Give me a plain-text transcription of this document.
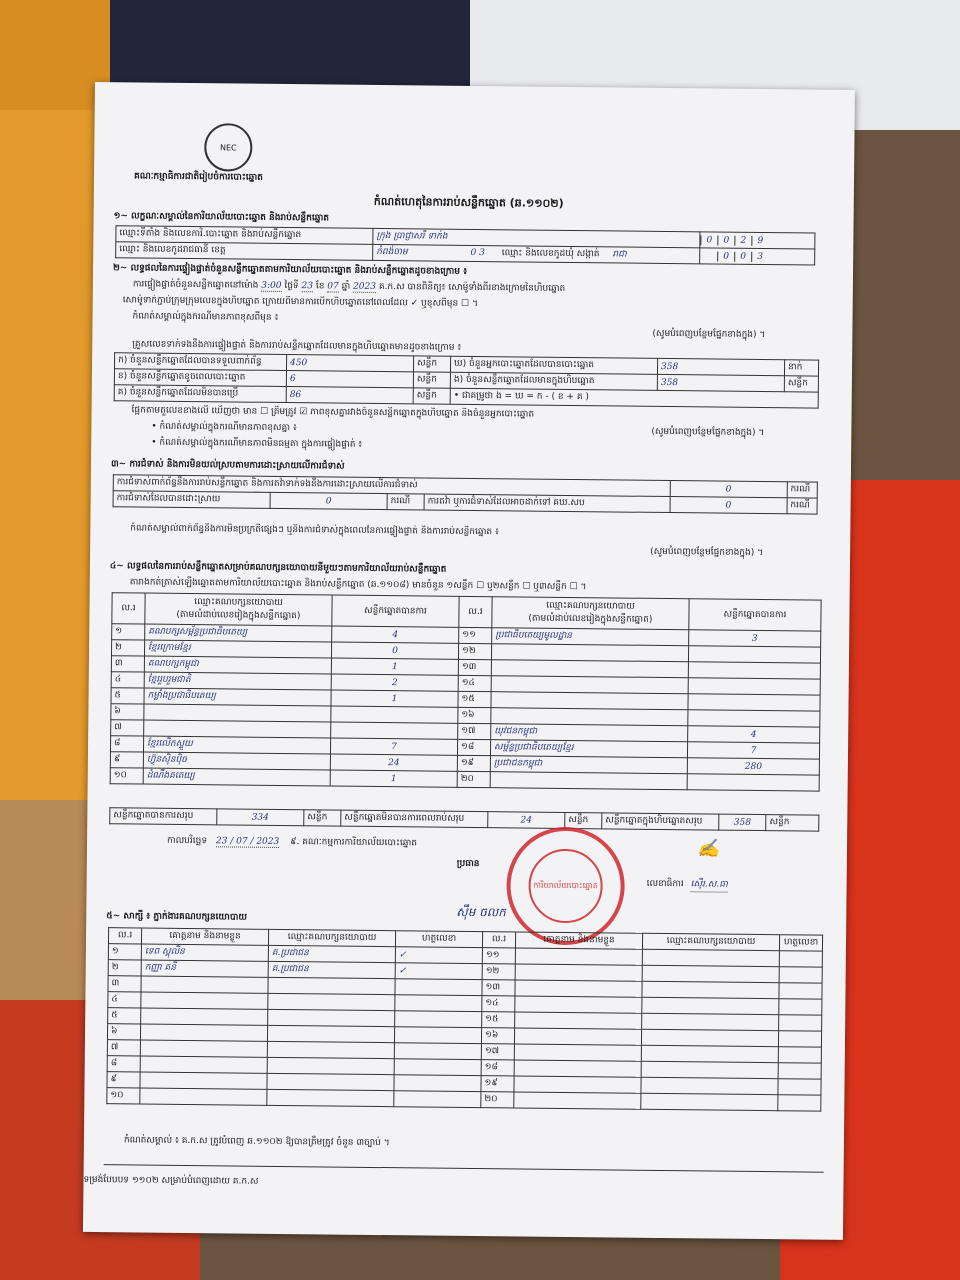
NEC
គណៈកម្មាធិការជាតិរៀបចំការបោះឆ្នោត
កំណត់ហេតុនៃការរាប់សន្លឹកឆ្នោត (ឆ.១១០២)
១~ លក្ខណៈសម្គាល់នៃការិយាល័យបោះឆ្នោត និងរាប់សន្លឹកឆ្នោត
ឈ្មោះទីតាំង និងលេខការិ.បោះឆ្នោត និងរាប់សន្លឹកឆ្នោត	ក្រុង ប្រាជ្ញាសរិ ទាក់ង	0 0 2 9
ឈ្មោះ និងលេខកូដរាជធានី ខេត្ត	កំពង់ចាម 0 3 ឈ្មោះ និងលេខកូដឃុំ សង្កាត់ រាជា	0 0 3
២~ លទ្ធផលនៃការផ្ទៀងផ្ទាត់ចំនួនសន្លឹកឆ្នោតតាមការិយាល័យបោះឆ្នោត និងរាប់សន្លឹកឆ្នោតដូចខាងក្រោម ៖
ការផ្ទៀងផ្ទាត់ចំនួនសន្លឹកឆ្នោតនៅម៉ោង 3:00 ថ្ងៃទី 23 ខែ 07 ឆ្នាំ 2023 គ.ក.ស បានពិនិត្យ៖ សោម៉ូទាំងពីរខាងក្រោមនៃហិបឆ្នោត
សោម៉ូទាក់ភ្ជាប់ក្រុមក្រុមលេខក្នុងហិបឆ្នោត ក្រោយពីមានការបើកហិបឆ្នោតនៅពេលដែល ✓ ឬខុសពីមុន ☐ ។
កំណត់សម្គាល់ក្នុងករណីមានភាពខុសពីមុន ៖
(សូមបំពេញបន្ថែមផ្នែកខាងក្នុង) ។
គ្រួសលេខទាក់ទងនឹងការផ្ទៀងផ្ទាត់ និងការរាប់សន្លឹកឆ្នោតដែលមានក្នុងហិបឆ្នោតមានដូចខាងក្រោម ៖
ក) ចំនួនសន្លឹកឆ្នោតដែលបានទទួលពាក់ព័ន្ធ	450	សន្លឹក	ឃ) ចំនួនអ្នកបោះឆ្នោតដែលបានបោះឆ្នោត	358	នាក់
ខ) ចំនួនសន្លឹកឆ្នោតខូចពេលបោះឆ្នោត	6	សន្លឹក	ង) ចំនួនសន្លឹកឆ្នោតដែលមានក្នុងហិបឆ្នោត	358	សន្លឹក
គ) ចំនួនសន្លឹកឆ្នោតដែលមិនបានប្រើ	86	សន្លឹក	• ជាគម្រូថា ង = ឃ = ក - ( ខ + គ )		
ផ្អែកតាមតួលេខខាងលើ ឃើញថា មាន ☐ ត្រឹមត្រូវ ☑ ភាពខុសគ្នារវាងចំនួនសន្លឹកឆ្នោតក្នុងហិបឆ្នោត និងចំនួនអ្នកបោះឆ្នោត
• កំណត់សម្គាល់ក្នុងករណីមានភាពខុសគ្នា ៖	(សូមបំពេញបន្ថែមផ្នែកខាងក្នុង) ។
• កំណត់សម្គាល់ក្នុងករណីមានភាពមិនធម្មតា ក្នុងការផ្ទៀងផ្ទាត់ ៖
៣~ ការជំទាស់ និងការមិនយល់ស្របតាមការដោះស្រាយលើការជំទាស់
ការជំទាស់ពាក់ព័ន្ធនឹងការរាប់សន្លឹកឆ្នោត និងការតវ៉ាទាក់ទងនឹងការដោះស្រាយលើការជំទាស់				0	ករណី
ការជំទាស់ដែលបានដោះស្រាយ	0	ករណី	ការតវ៉ា ឬការជំទាស់ដែលអាចដាក់ទៅ គឃ.សប	0	ករណី
កំណត់សម្គាល់ពាក់ព័ន្ធនឹងការមិនប្រក្រតីផ្សេងៗ ឬនិងការជំទាស់ក្នុងពេលនៃការផ្ទៀងផ្ទាត់ និងការរាប់សន្លឹកឆ្នោត ៖
(សូមបំពេញបន្ថែមផ្នែកខាងក្នុង) ។
៤~ លទ្ធផលនៃការរាប់សន្លឹកឆ្នោតសម្រាប់គណបក្សនយោបាយនីមួយៗតាមការិយាល័យរាប់សន្លឹកឆ្នោត
តារាងកត់ត្រាស់ឡើងឆ្នោតតាមការិយាល័យបោះឆ្នោត និងរាប់សន្លឹកឆ្នោត (ឆ.១១០៨) មានចំនួន ១សន្លឹក ☐ ឬ២សន្លឹក ☐ ឬ៣សន្លឹក ☐ ។
ល.រ	ឈ្មោះគណបក្សនយោបាយ
(តាមលំដាប់លេខរៀងក្នុងសន្លឹកឆ្នោត)	សន្លឹកឆ្នោតបានការ	ល.រ	ឈ្មោះគណបក្សនយោបាយ
(តាមលំដាប់លេខរៀងក្នុងសន្លឹកឆ្នោត)	សន្លឹកឆ្នោតបានការ
១	គណបក្សសម្ព័ន្ធប្រជាធិបតេយ្យ	4	១១	ប្រជាធិបតេយ្យមូលដ្ឋាន	3
២	ខ្មែរក្រោមខ្មែរ	0	១២		
៣	គណបក្សកម្ពុជា	1	១៣		
៤	ខ្មែររួបរួមជាតិ	2	១៤		
៥	កម្លាំងប្រជាធិបតេយ្យ	1	១៥		
៦			១៦		
៧			១៧	យុវជនកម្ពុជា	4
៨	ខ្មែរលើកស្ទួយ	7	១៨	សម្ព័ន្ធប្រជាធិបតេយ្យខ្មែរ	7
៩	ហ៊្វុនស៊ិនប៉ិច	24	១៩	ប្រជាជនកម្ពុជា	280
១០	ដំណឹងគតេយ្យ	1	២០		
សន្លឹកឆ្នោតបានការសរុប	334	សន្លឹក	សន្លឹកឆ្នោតមិនបានការពេលរាប់សរុប	24	សន្លឹក	សន្លឹកឆ្នោតក្នុងហិបឆ្នោតសរុប	358	សន្លឹក
កាលបរិច្ឆេទ 23 / 07 / 2023 ៩. គណៈកម្មការការិយាល័យបោះឆ្នោត
ប្រធាន
ស៊ឹម ចលក
លេខាធិការ ស៊ើរ.ស.ធា
✍
ការិយាល័យបោះឆ្នោត
៥~ សាក្សី ៖ ភ្នាក់ងារគណបក្សនយោបាយ
ល.រ	គោត្តនាម និងនាមខ្លួន	ឈ្មោះគណបក្សនយោបាយ	ហត្ថលេខា	ល.រ	គោត្តនាម និងនាមខ្លួន	ឈ្មោះគណបក្សនយោបាយ	ហត្ថលេខា
១	ទេព ស្តុលីន	គ.ប្រជាជន	✓	១១			
២	កញ្ញា គនី	គ.ប្រជាជន	✓	១២			
៣				១៣			
៤				១៤			
៥				១៥			
៦				១៦			
៧				១៧			
៨				១៨			
៩				១៩			
១០				២០			
កំណត់សម្គាល់ ៖ គ.ក.ស ត្រូវបំពេញ ឆ.១១០២ ឱ្យបានត្រឹមត្រូវ ចំនួន ៣ច្បាប់ ។
ទម្រង់បែបបទ ១១០២ សម្រាប់បំពេញដោយ គ.ក.ស
